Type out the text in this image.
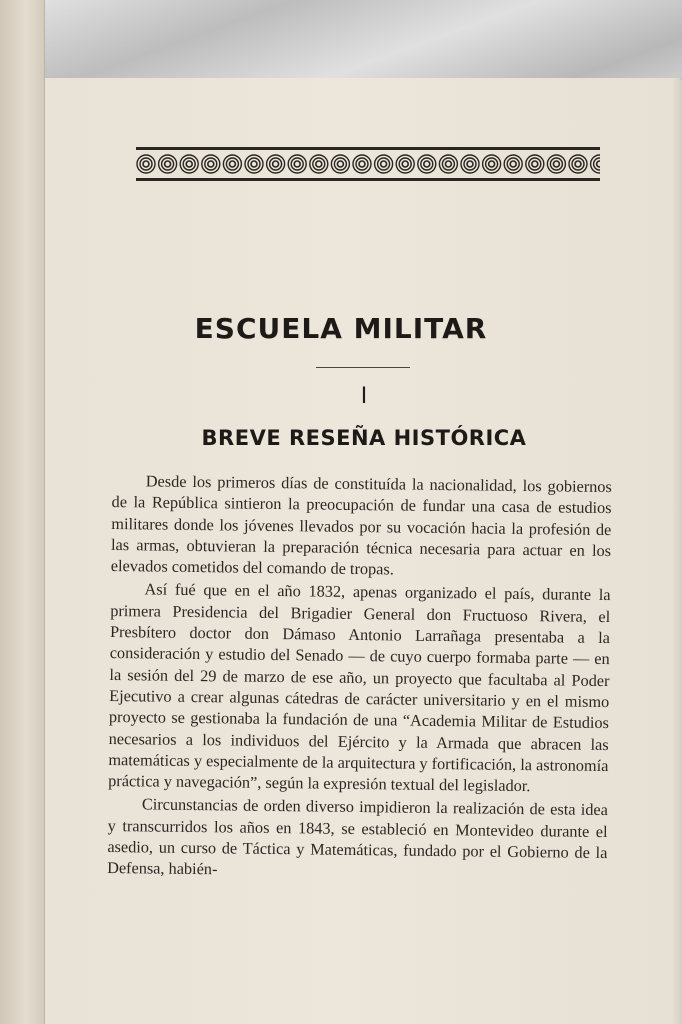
ESCUELA MILITAR
I
BREVE RESEÑA HISTÓRICA

Desde los primeros días de constituída la nacionalidad, los gobiernos de la República sintieron la preocupación de fundar una casa de estudios militares donde los jóvenes llevados por su vocación hacia la profesión de las armas, obtuvieran la preparación técnica necesaria para actuar en los elevados cometidos del comando de tropas.

Así fué que en el año 1832, apenas organizado el país, durante la primera Presidencia del Brigadier General don Fructuoso Rivera, el Presbítero doctor don Dámaso Antonio Larrañaga presentaba a la consideración y estudio del Senado — de cuyo cuerpo formaba parte — en la sesión del 29 de marzo de ese año, un proyecto que facultaba al Poder Ejecutivo a crear algunas cátedras de carácter universitario y en el mismo proyecto se gestionaba la fundación de una “Academia Militar de Estudios necesarios a los individuos del Ejército y la Armada que abracen las matemáticas y especialmente de la arquitectura y fortificación, la astronomía práctica y navegación”, según la expresión textual del legislador.

Circunstancias de orden diverso impidieron la realización de esta idea y transcurridos los años en 1843, se estableció en Montevideo durante el asedio, un curso de Táctica y Matemáticas, fundado por el Gobierno de la Defensa, habién-
